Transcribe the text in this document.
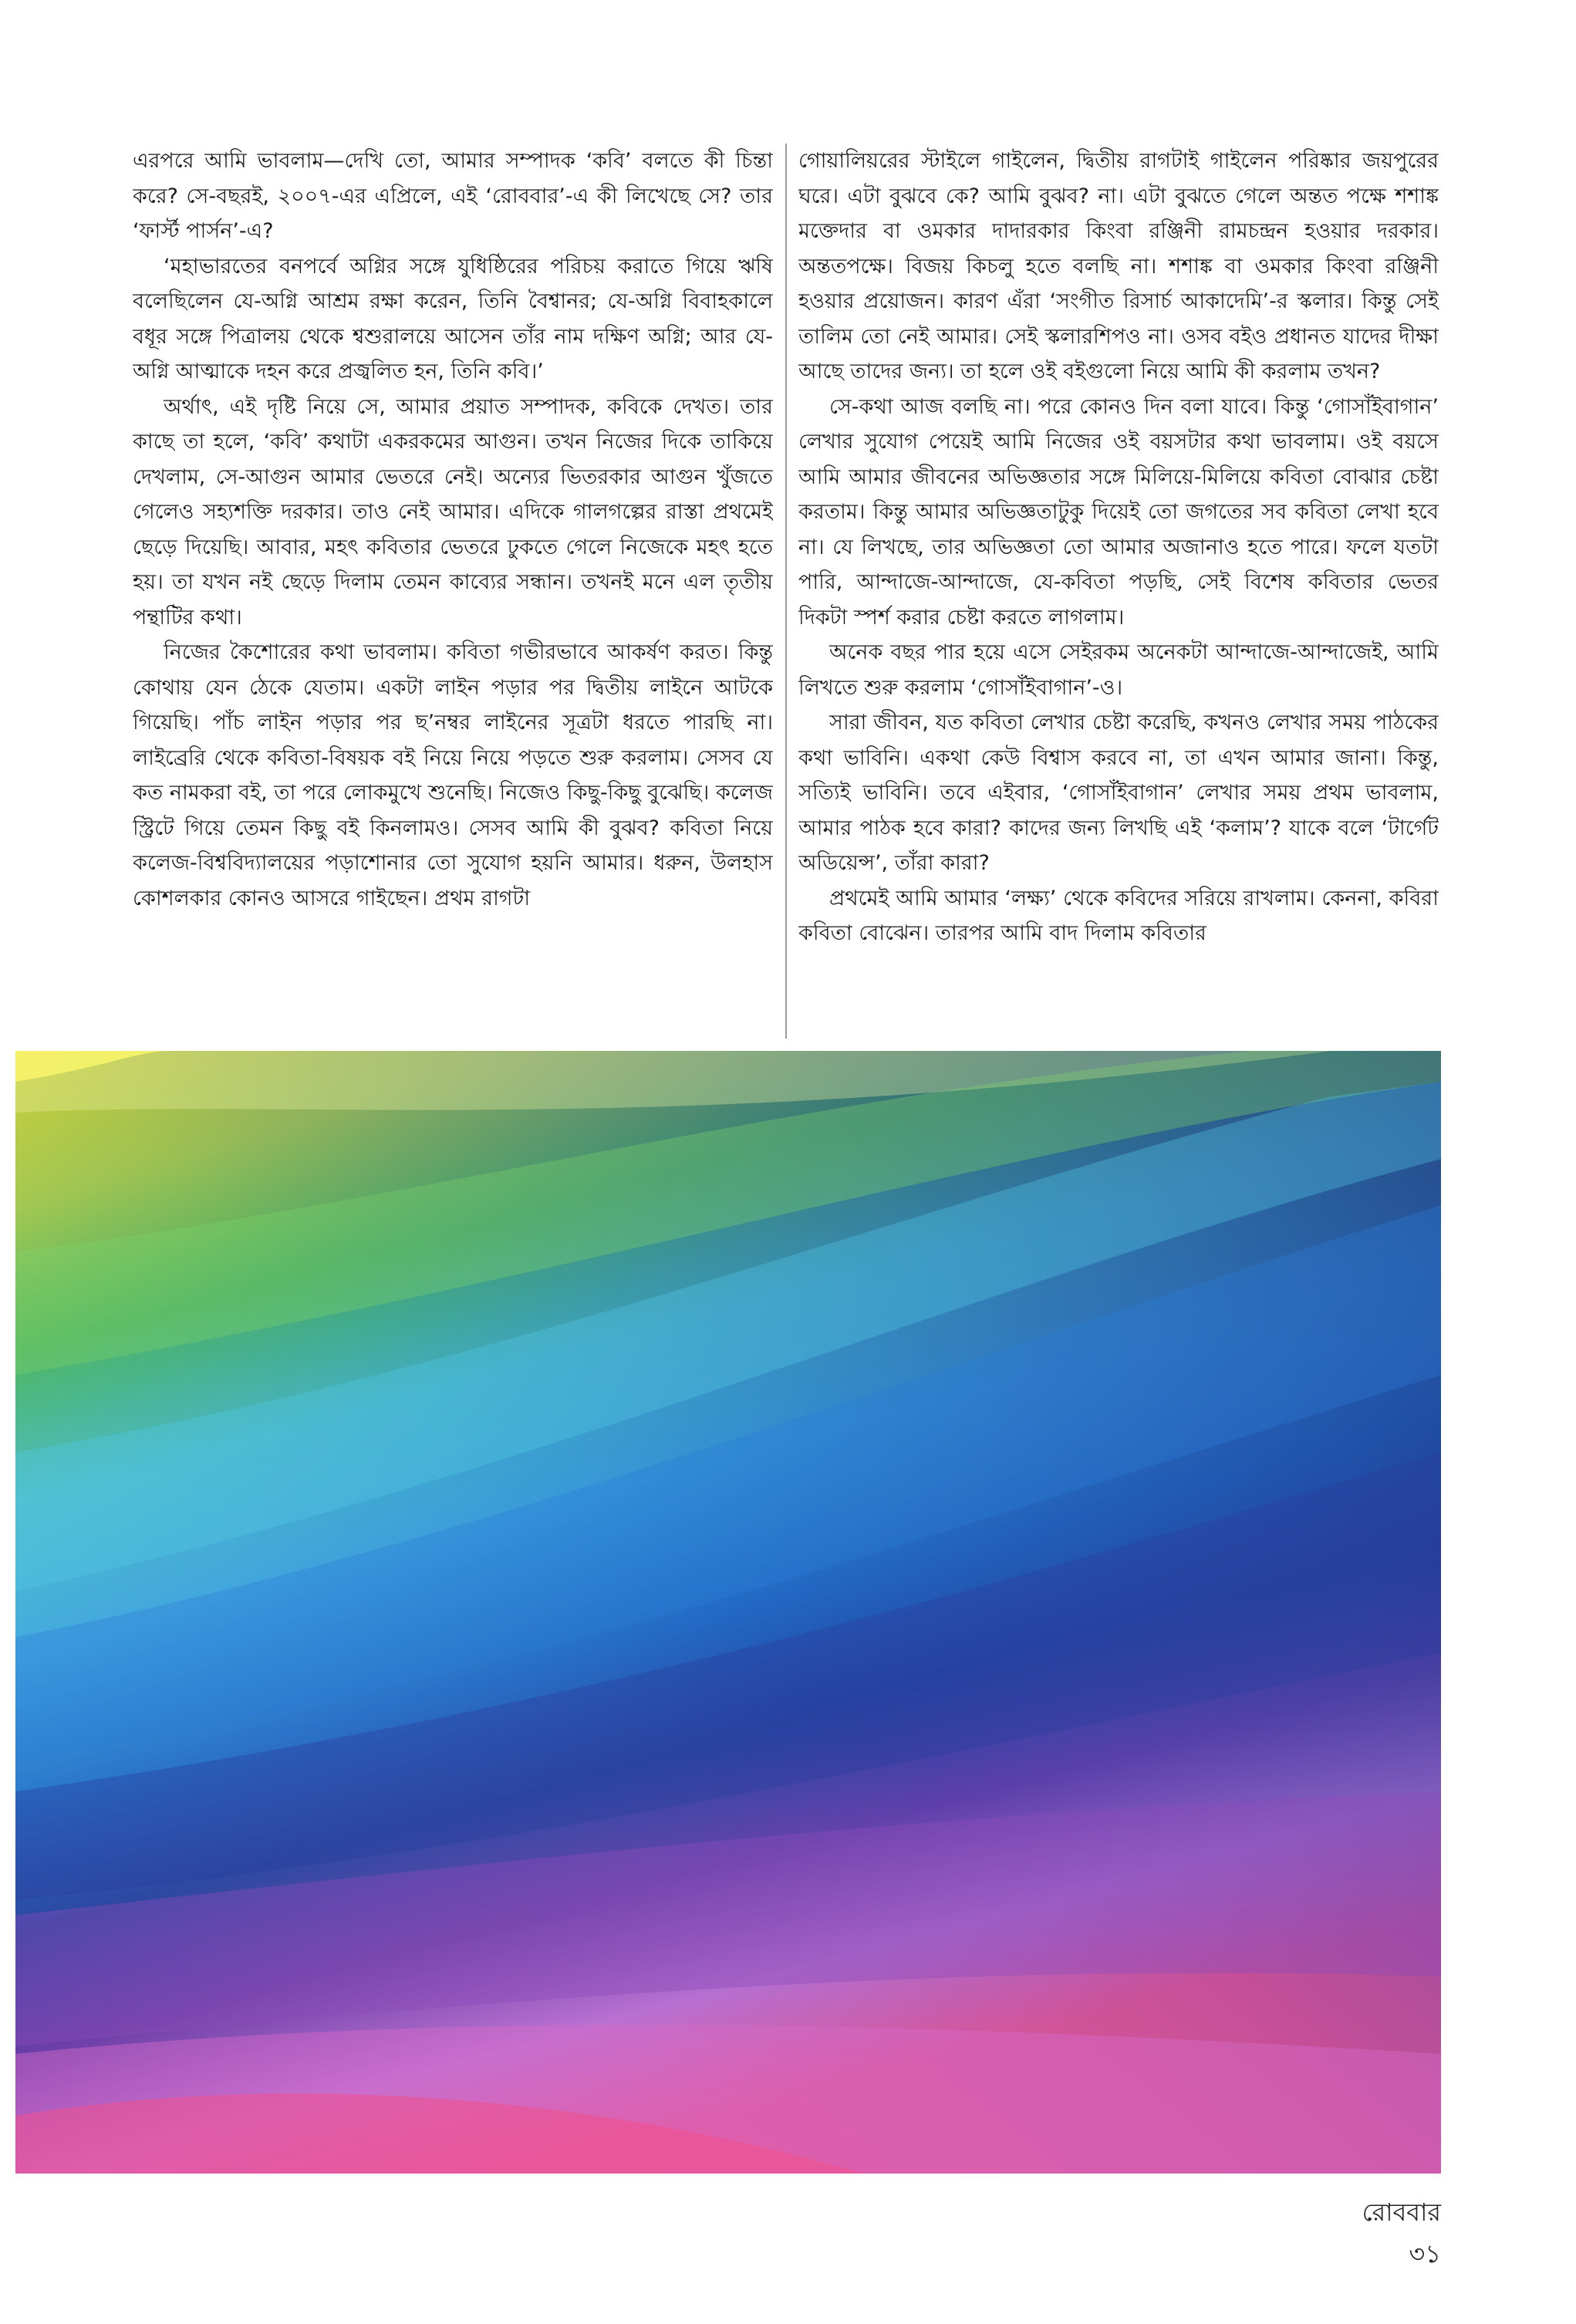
এরপরে আমি ভাবলাম—দেখি তো, আমার সম্পাদক ‘কবি’ বলতে কী চিন্তা করে? সে-বছরই, ২০০৭-এর এপ্রিলে, এই ‘রোববার’-এ কী লিখেছে সে? তার ‘ফার্স্ট পার্সন’-এ?

‘মহাভারতের বনপর্বে অগ্নির সঙ্গে যুধিষ্ঠিরের পরিচয় করাতে গিয়ে ঋষি বলেছিলেন যে-অগ্নি আশ্রম রক্ষা করেন, তিনি বৈশ্বানর; যে-অগ্নি বিবাহকালে বধূর সঙ্গে পিত্রালয় থেকে শ্বশুরালয়ে আসেন তাঁর নাম দক্ষিণ অগ্নি; আর যে-অগ্নি আত্মাকে দহন করে প্রজ্বলিত হন, তিনি কবি।’

অর্থাৎ, এই দৃষ্টি নিয়ে সে, আমার প্রয়াত সম্পাদক, কবিকে দেখত। তার কাছে তা হলে, ‘কবি’ কথাটা একরকমের আগুন। তখন নিজের দিকে তাকিয়ে দেখলাম, সে-আগুন আমার ভেতরে নেই। অন্যের ভিতরকার আগুন খুঁজতে গেলেও সহ্যশক্তি দরকার। তাও নেই আমার। এদিকে গালগল্পের রাস্তা প্রথমেই ছেড়ে দিয়েছি। আবার, মহৎ কবিতার ভেতরে ঢুকতে গেলে নিজেকে মহৎ হতে হয়। তা যখন নই ছেড়ে দিলাম তেমন কাব্যের সন্ধান। তখনই মনে এল তৃতীয় পন্থাটির কথা।

নিজের কৈশোরের কথা ভাবলাম। কবিতা গভীরভাবে আকর্ষণ করত। কিন্তু কোথায় যেন ঠেকে যেতাম। একটা লাইন পড়ার পর দ্বিতীয় লাইনে আটকে গিয়েছি। পাঁচ লাইন পড়ার পর ছ’নম্বর লাইনের সূত্রটা ধরতে পারছি না। লাইব্রেরি থেকে কবিতা-বিষয়ক বই নিয়ে নিয়ে পড়তে শুরু করলাম। সেসব যে কত নামকরা বই, তা পরে লোকমুখে শুনেছি। নিজেও কিছু-কিছু বুঝেছি। কলেজ স্ট্রিটে গিয়ে তেমন কিছু বই কিনলামও। সেসব আমি কী বুঝব? কবিতা নিয়ে কলেজ-বিশ্ববিদ্যালয়ের পড়াশোনার তো সুযোগ হয়নি আমার। ধরুন, উলহাস কোশলকার কোনও আসরে গাইছেন। প্রথম রাগটা

গোয়ালিয়রের স্টাইলে গাইলেন, দ্বিতীয় রাগটাই গাইলেন পরিষ্কার জয়পুরের ঘরে। এটা বুঝবে কে? আমি বুঝব? না। এটা বুঝতে গেলে অন্তত পক্ষে শশাঙ্ক মক্তেদার বা ওমকার দাদারকার কিংবা রঞ্জিনী রামচন্দ্রন হওয়ার দরকার। অন্ততপক্ষে। বিজয় কিচলু হতে বলছি না। শশাঙ্ক বা ওমকার কিংবা রঞ্জিনী হওয়ার প্রয়োজন। কারণ এঁরা ‘সংগীত রিসার্চ আকাদেমি’-র স্কলার। কিন্তু সেই তালিম তো নেই আমার। সেই স্কলারশিপও না। ওসব বইও প্রধানত যাদের দীক্ষা আছে তাদের জন্য। তা হলে ওই বইগুলো নিয়ে আমি কী করলাম তখন?

সে-কথা আজ বলছি না। পরে কোনও দিন বলা যাবে। কিন্তু ‘গোসাঁইবাগান’ লেখার সুযোগ পেয়েই আমি নিজের ওই বয়সটার কথা ভাবলাম। ওই বয়সে আমি আমার জীবনের অভিজ্ঞতার সঙ্গে মিলিয়ে-মিলিয়ে কবিতা বোঝার চেষ্টা করতাম। কিন্তু আমার অভিজ্ঞতাটুকু দিয়েই তো জগতের সব কবিতা লেখা হবে না। যে লিখছে, তার অভিজ্ঞতা তো আমার অজানাও হতে পারে। ফলে যতটা পারি, আন্দাজে-আন্দাজে, যে-কবিতা পড়ছি, সেই বিশেষ কবিতার ভেতর দিকটা স্পর্শ করার চেষ্টা করতে লাগলাম।

অনেক বছর পার হয়ে এসে সেইরকম অনেকটা আন্দাজে-আন্দাজেই, আমি লিখতে শুরু করলাম ‘গোসাঁইবাগান’-ও।

সারা জীবন, যত কবিতা লেখার চেষ্টা করেছি, কখনও লেখার সময় পাঠকের কথা ভাবিনি। একথা কেউ বিশ্বাস করবে না, তা এখন আমার জানা। কিন্তু, সত্যিই ভাবিনি। তবে এইবার, ‘গোসাঁইবাগান’ লেখার সময় প্রথম ভাবলাম, আমার পাঠক হবে কারা? কাদের জন্য লিখছি এই ‘কলাম’? যাকে বলে ‘টার্গেট অডিয়েন্স’, তাঁরা কারা?

প্রথমেই আমি আমার ‘লক্ষ্য’ থেকে কবিদের সরিয়ে রাখলাম। কেননা, কবিরা কবিতা বোঝেন। তারপর আমি বাদ দিলাম কবিতার

রোববার ৩১
